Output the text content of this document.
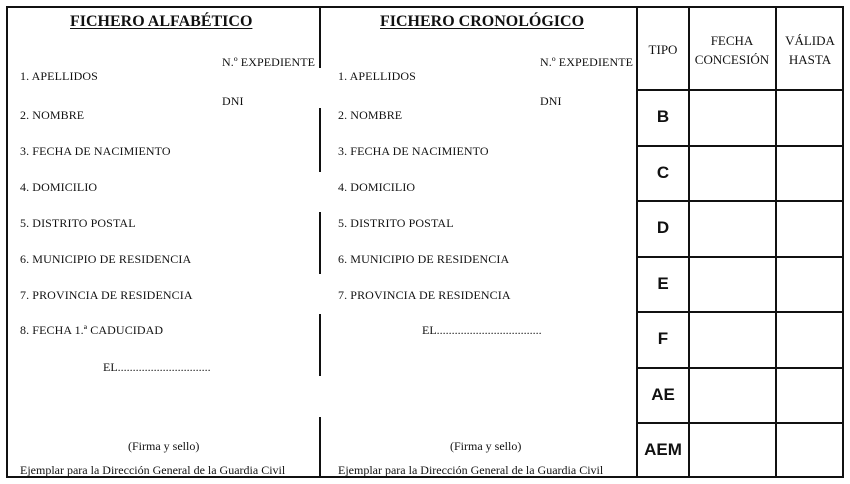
FICHERO ALFABÉTICO
N.º EXPEDIENTE
1. APELLIDOS
DNI
2. NOMBRE
3. FECHA DE NACIMIENTO
4. DOMICILIO
5. DISTRITO POSTAL
6. MUNICIPIO DE RESIDENCIA
7. PROVINCIA DE RESIDENCIA
8. FECHA 1.ª CADUCIDAD
EL...............................
(Firma y sello)
Ejemplar para la Dirección General de la Guardia Civil
FICHERO CRONOLÓGICO
N.º EXPEDIENTE
1. APELLIDOS
DNI
2. NOMBRE
3. FECHA DE NACIMIENTO
4. DOMICILIO
5. DISTRITO POSTAL
6. MUNICIPIO DE RESIDENCIA
7. PROVINCIA DE RESIDENCIA
EL...................................
(Firma y sello)
Ejemplar para la Dirección General de la Guardia Civil
TIPO
FECHA
CONCESIÓN
VÁLIDA
HASTA
B
C
D
E
F
AE
AEM
